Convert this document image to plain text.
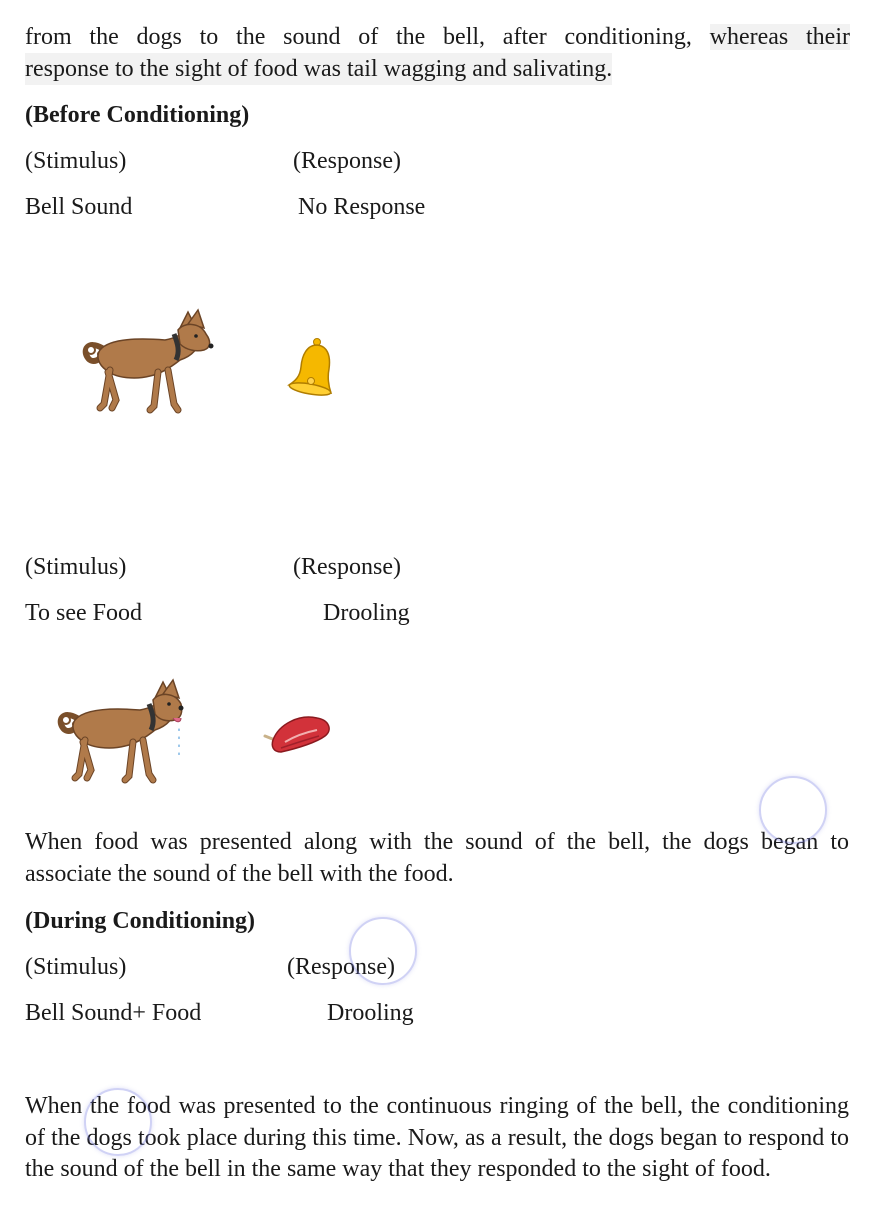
from the dogs to the sound of the bell, after conditioning, whereas their

response to the sight of food was tail wagging and salivating.

(Before Conditioning)

(Stimulus)	(Response)

Bell Sound	No Response

(Stimulus)	(Response)

To see Food	Drooling

When food was presented along with the sound of the bell, the dogs began to associate the sound of the bell with the food.

(During Conditioning)

(Stimulus)	(Response)

Bell Sound+ Food	Drooling

When the food was presented to the continuous ringing of the bell, the conditioning of the dogs took place during this time. Now, as a result, the dogs began to respond to the sound of the bell in the same way that they responded to the sight of food.
